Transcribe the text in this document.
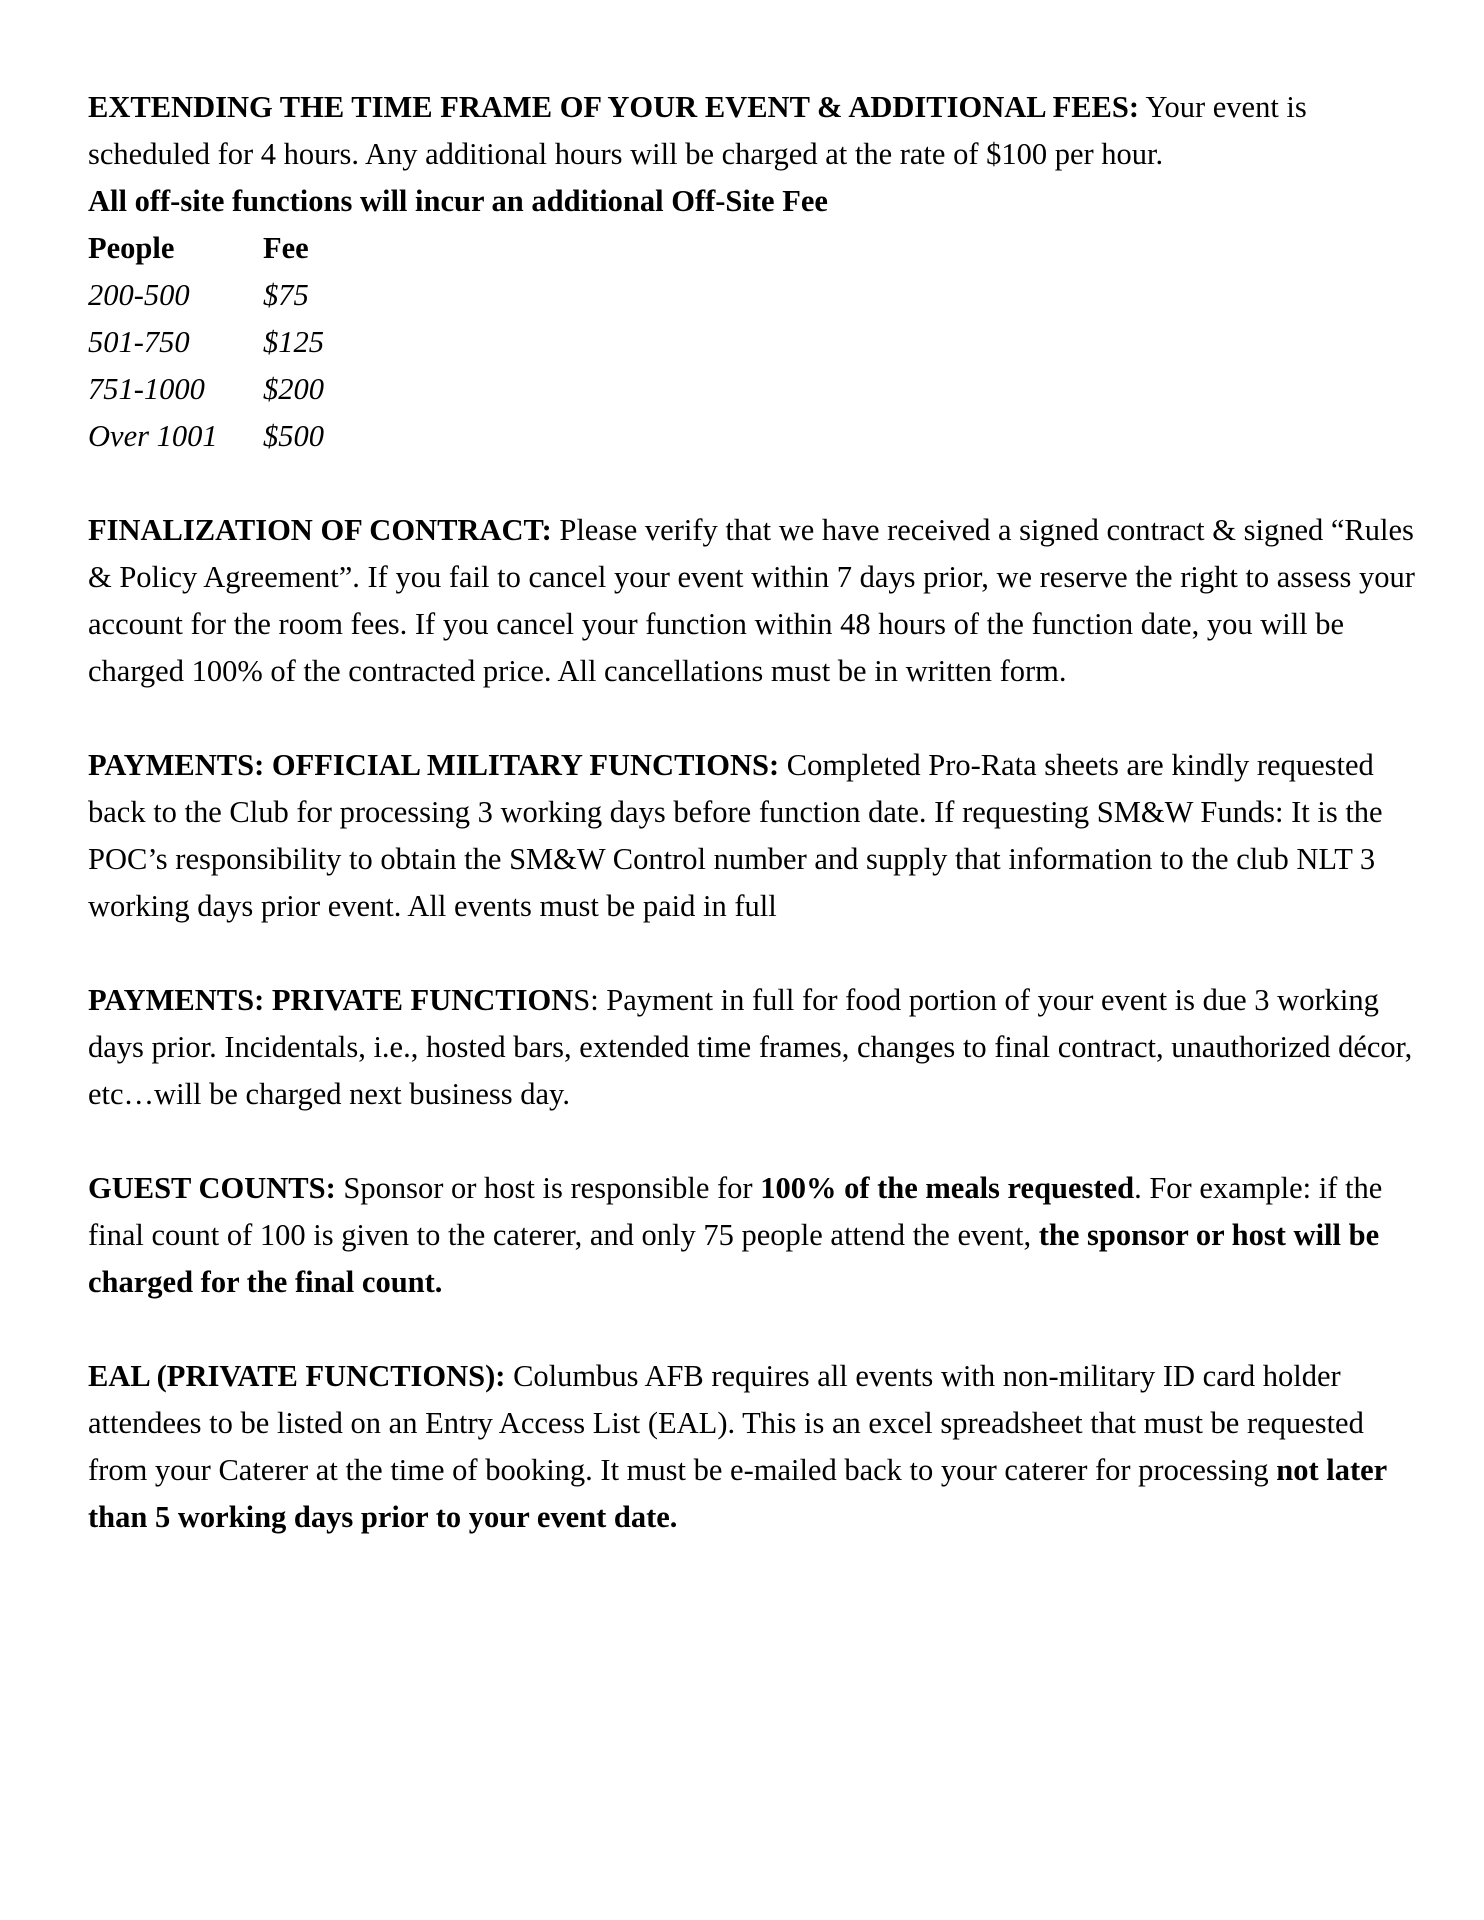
EXTENDING THE TIME FRAME OF YOUR EVENT & ADDITIONAL FEES: Your event is scheduled for 4 hours. Any additional hours will be charged at the rate of $100 per hour.

All off-site functions will incur an additional Off-Site Fee

People	Fee
200-500	$75
501-750	$125
751-1000	$200
Over 1001	$500

FINALIZATION OF CONTRACT: Please verify that we have received a signed contract & signed “Rules & Policy Agreement”. If you fail to cancel your event within 7 days prior, we reserve the right to assess your account for the room fees. If you cancel your function within 48 hours of the function date, you will be charged 100% of the contracted price. All cancellations must be in written form.

PAYMENTS: OFFICIAL MILITARY FUNCTIONS: Completed Pro-Rata sheets are kindly requested back to the Club for processing 3 working days before function date. If requesting SM&W Funds: It is the POC’s responsibility to obtain the SM&W Control number and supply that information to the club NLT 3 working days prior event. All events must be paid in full

PAYMENTS: PRIVATE FUNCTIONS: Payment in full for food portion of your event is due 3 working days prior. Incidentals, i.e., hosted bars, extended time frames, changes to final contract, unauthorized décor, etc…will be charged next business day.

GUEST COUNTS: Sponsor or host is responsible for 100% of the meals requested. For example: if the final count of 100 is given to the caterer, and only 75 people attend the event, the sponsor or host will be charged for the final count.

EAL (PRIVATE FUNCTIONS): Columbus AFB requires all events with non-military ID card holder attendees to be listed on an Entry Access List (EAL). This is an excel spreadsheet that must be requested from your Caterer at the time of booking. It must be e-mailed back to your caterer for processing not later than 5 working days prior to your event date.
